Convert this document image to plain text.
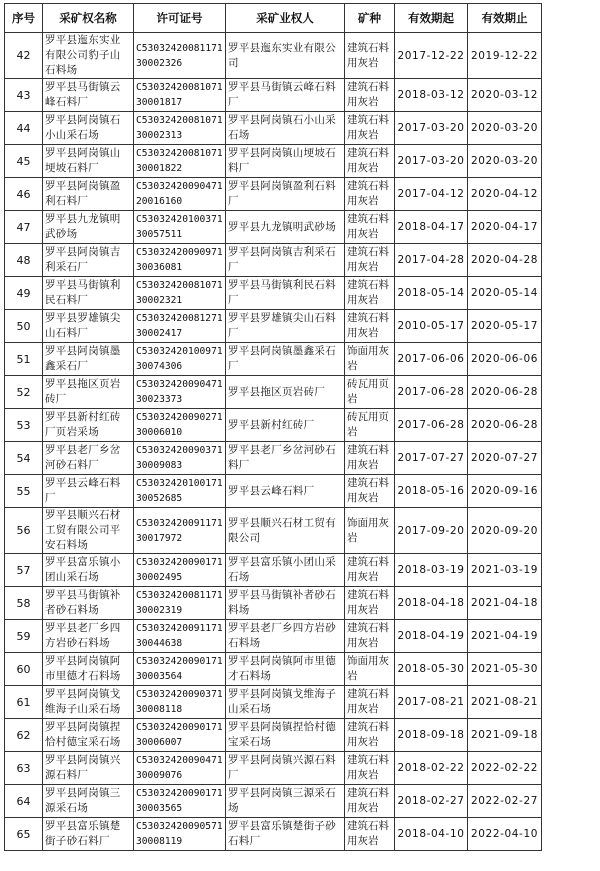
序号	采矿权名称	许可证号	采矿业权人	矿种	有效期起	有效期止

42	罗平县迤东实业有限公司豹子山石料场	C5303242008117130002326	罗平县迤东实业有限公司	建筑石料用灰岩	2017-12-22	2019-12-22

43	罗平县马街镇云峰石料厂	C5303242008107130001817	罗平县马街镇云峰石料厂	建筑石料用灰岩	2018-03-12	2020-03-12

44	罗平县阿岗镇石小山采石场	C5303242008107130002313	罗平县阿岗镇石小山采石场	建筑石料用灰岩	2017-03-20	2020-03-20

45	罗平县阿岗镇山埂坡石料厂	C5303242008107130001822	罗平县阿岗镇山埂坡石料厂	建筑石料用灰岩	2017-03-20	2020-03-20

46	罗平县阿岗镇盈利石料厂	C5303242009047120016160	罗平县阿岗镇盈利石料厂	建筑石料用灰岩	2017-04-12	2020-04-12

47	罗平县九龙镇明武砂场	C5303242010037130057511	罗平县九龙镇明武砂场	建筑石料用灰岩	2018-04-17	2020-04-17

48	罗平县阿岗镇吉利采石厂	C5303242009097130036081	罗平县阿岗镇吉利采石厂	建筑石料用灰岩	2017-04-28	2020-04-28

49	罗平县马街镇利民石料厂	C5303242008107130002321	罗平县马街镇利民石料厂	建筑石料用灰岩	2018-05-14	2020-05-14

50	罗平县罗雄镇尖山石料厂	C5303242008127130002417	罗平县罗雄镇尖山石料厂	建筑石料用灰岩	2010-05-17	2020-05-17

51	罗平县阿岗镇墨鑫采石厂	C5303242010097130074306	罗平县阿岗镇墨鑫采石厂	饰面用灰岩	2017-06-06	2020-06-06

52	罗平县拖区页岩砖厂	C5303242009047130023373	罗平县拖区页岩砖厂	砖瓦用页岩	2017-06-28	2020-06-28

53	罗平县新村红砖厂页岩采场	C5303242009027130006010	罗平县新村红砖厂	砖瓦用页岩	2017-06-28	2020-06-28

54	罗平县老厂乡岔河砂石料厂	C5303242009037130009083	罗平县老厂乡岔河砂石料厂	建筑石料用灰岩	2017-07-27	2020-07-27

55	罗平县云峰石料厂	C5303242010017130052685	罗平县云峰石料厂	建筑石料用灰岩	2018-05-16	2020-09-16

56	罗平县顺兴石材工贸有限公司平安石料场	C5303242009117130017972	罗平县顺兴石材工贸有限公司	饰面用灰岩	2017-09-20	2020-09-20

57	罗平县富乐镇小团山采石场	C5303242009017130002495	罗平县富乐镇小团山采石场	建筑石料用灰岩	2018-03-19	2021-03-19

58	罗平县马街镇补者砂石料场	C5303242008117130002319	罗平县马街镇补者砂石料场	建筑石料用灰岩	2018-04-18	2021-04-18

59	罗平县老厂乡四方岩砂石料场	C5303242009117130044638	罗平县老厂乡四方岩砂石料场	建筑石料用灰岩	2018-04-19	2021-04-19

60	罗平县阿岗镇阿市里德才石料场	C5303242009017130003564	罗平县阿岗镇阿市里德才石料场	饰面用灰岩	2018-05-30	2021-05-30

61	罗平县阿岗镇戈维海子山采石场	C5303242009037130008118	罗平县阿岗镇戈维海子山采石场	建筑石料用灰岩	2017-08-21	2021-08-21

62	罗平县阿岗镇捏恰村德宝采石场	C5303242009017130006007	罗平县阿岗镇捏恰村德宝采石场	建筑石料用灰岩	2018-09-18	2021-09-18

63	罗平县阿岗镇兴源石料厂	C5303242009047130009076	罗平县阿岗镇兴源石料厂	建筑石料用灰岩	2018-02-22	2022-02-22

64	罗平县阿岗镇三源采石场	C5303242009017130003565	罗平县阿岗镇三源采石场	建筑石料用灰岩	2018-02-27	2022-02-27

65	罗平县富乐镇楚街子砂石料厂	C5303242009057130008119	罗平县富乐镇楚街子砂石料厂	建筑石料用灰岩	2018-04-10	2022-04-10
